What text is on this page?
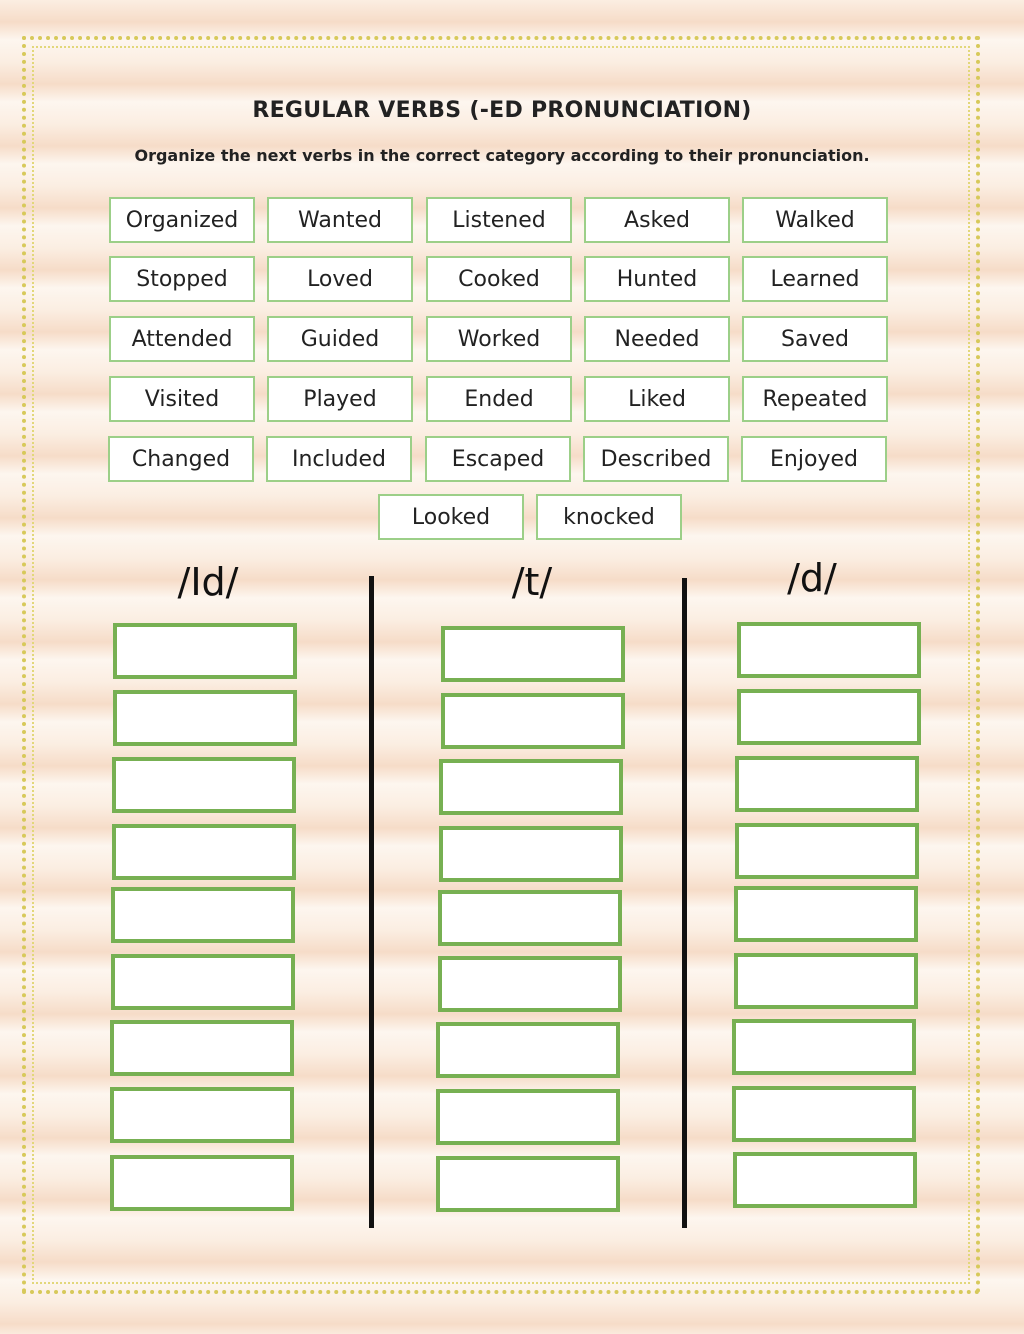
REGULAR VERBS (-ED PRONUNCIATION)
Organize the next verbs in the correct category according to their pronunciation.
Organized	Wanted	Listened	Asked	Walked
Stopped	Loved	Cooked	Hunted	Learned
Attended	Guided	Worked	Needed	Saved
Visited	Played	Ended	Liked	Repeated
Changed	Included	Escaped	Described	Enjoyed
Looked	knocked
/Id/	/t/	/d/
